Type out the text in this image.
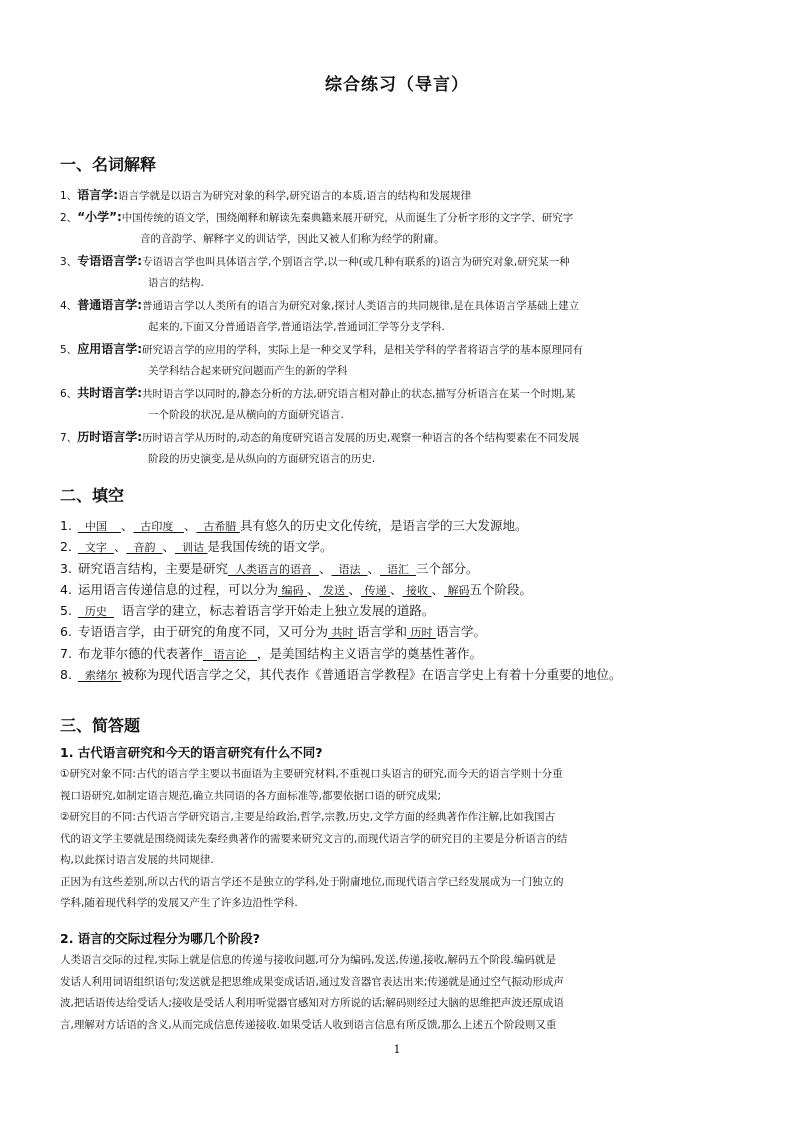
综合练习（导言）
一、名词解释
1、语言学:语言学就是以语言为研究对象的科学,研究语言的本质,语言的结构和发展规律
2、“小学”:中国传统的语文学，围绕阐释和解读先秦典籍来展开研究，从而诞生了分析字形的文字学、研究字
音的音韵学、解释字义的训诂学，因此又被人们称为经学的附庸。
3、专语语言学:专语语言学也叫具体语言学,个别语言学,以一种(或几种有联系的)语言为研究对象,研究某一种
语言的结构.
4、普通语言学:普通语言学以人类所有的语言为研究对象,探讨人类语言的共同规律,是在具体语言学基础上建立
起来的,下面又分普通语音学,普通语法学,普通词汇学等分支学科.
5、应用语言学:研究语言学的应用的学科，实际上是一种交叉学科，是相关学科的学者将语言学的基本原理同有
关学科结合起来研究问题而产生的新的学科
6、共时语言学:共时语言学以同时的,静态分析的方法,研究语言相对静止的状态,描写分析语言在某一个时期,某
一个阶段的状况,是从横向的方面研究语言.
7、历时语言学:历时语言学从历时的,动态的角度研究语言发展的历史,观察一种语言的各个结构要素在不同发展
阶段的历史演变,是从纵向的方面研究语言的历史.
二、填空
1.  中国    、  古印度   、  古希腊 具有悠久的历史文化传统，是语言学的三大发源地。
2.  文字  、  音韵  、  训诂 是我国传统的语文学。
3. 研究语言结构，主要是研究  人类语言的语音  、  语法  、  语汇  三个部分。
4. 运用语言传递信息的过程，可以分为 编码 、 发送 、 传递 、 接收 、 解码五个阶段。
5.  历史    语言学的建立，标志着语言学开始走上独立发展的道路。
6. 专语语言学，由于研究的角度不同，又可分为 共时 语言学和 历时 语言学。
7. 布龙菲尔德的代表著作   语言论   ，是美国结构主义语言学的奠基性著作。
8.  索绪尔 被称为现代语言学之父，其代表作《普通语言学教程》在语言学史上有着十分重要的地位。
三、简答题
1. 古代语言研究和今天的语言研究有什么不同?
①研究对象不同:古代的语言学主要以书面语为主要研究材料,不重视口头语言的研究,而今天的语言学则十分重
视口语研究,如制定语言规范,确立共同语的各方面标准等,都要依据口语的研究成果;
②研究目的不同:古代语言学研究语言,主要是给政治,哲学,宗教,历史,文学方面的经典著作作注解,比如我国古
代的语文学主要就是围绕阅读先秦经典著作的需要来研究文言的,而现代语言学的研究目的主要是分析语言的结
构,以此探讨语言发展的共同规律.
正因为有这些差别,所以古代的语言学还不是独立的学科,处于附庸地位,而现代语言学已经发展成为一门独立的
学科,随着现代科学的发展又产生了许多边沿性学科.
2. 语言的交际过程分为哪几个阶段?
人类语言交际的过程,实际上就是信息的传递与接收问题,可分为编码,发送,传递,接收,解码五个阶段.编码就是
发话人利用词语组织语句;发送就是把思维成果变成话语,通过发音器官表达出来;传递就是通过空气振动形成声
波,把话语传达给受话人;接收是受话人利用听觉器官感知对方所说的话;解码则经过大脑的思维把声波还原成语
言,理解对方话语的含义,从而完成信息传递接收.如果受话人收到语言信息有所反馈,那么上述五个阶段则又重
1
